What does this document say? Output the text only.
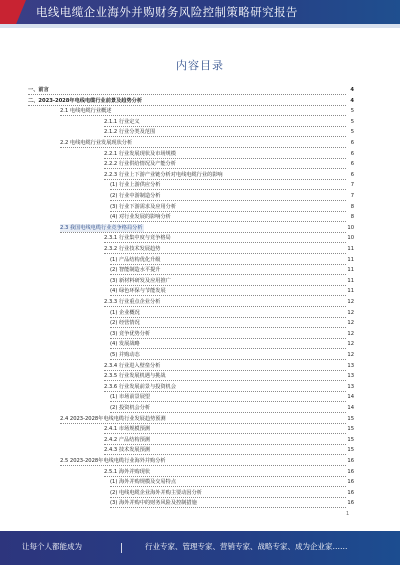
电线电缆企业海外并购财务风险控制策略研究报告
内容目录
一、前言	4
二、2023-2028年电线电缆行业前景及趋势分析	4
2.1 电线电缆行业概述	5
2.1.1 行业定义	5
2.1.2 行业分类及范围	5
2.2 电线电缆行业发展现状分析	6
2.2.1 行业发展现状及市场规模	6
2.2.2 行业供给情况及产能分析	6
2.2.3 行业上下游产业链分析对电线电缆行业的影响	6
(1) 行业上游供应分析	7
(2) 行业中游制造分析	7
(3) 行业下游需求及应用分析	8
(4) 对行业发展的影响分析	8
2.3 我国电线电缆行业竞争格局分析	10
2.3.1 行业集中度与竞争格局	10
2.3.2 行业技术发展趋势	11
(1) 产品结构优化升级	11
(2) 智能制造水平提升	11
(3) 新材料研发及应用推广	11
(4) 绿色环保与节能发展	11
2.3.3 行业重点企业分析	12
(1) 企业概况	12
(2) 经营情况	12
(3) 竞争优势分析	12
(4) 发展战略	12
(5) 并购动态	12
2.3.4 行业进入壁垒分析	13
2.3.5 行业发展机遇与挑战	13
2.3.6 行业发展前景与投资机会	13
(1) 市场前景展望	14
(2) 投资机会分析	14
2.4 2023-2028年电线电缆行业发展趋势预测	15
2.4.1 市场规模预测	15
2.4.2 产品结构预测	15
2.4.3 技术发展预测	15
2.5 2023-2028年电线电缆行业海外并购分析	16
2.5.1 海外并购现状	16
(1) 海外并购规模及交易特点	16
(2) 电线电缆企业海外并购主要动因分析	16
(3) 海外并购中的财务风险及控制措施	16
1
让每个人都能成为	行业专家、管理专家、营销专家、战略专家、成为企业家……
